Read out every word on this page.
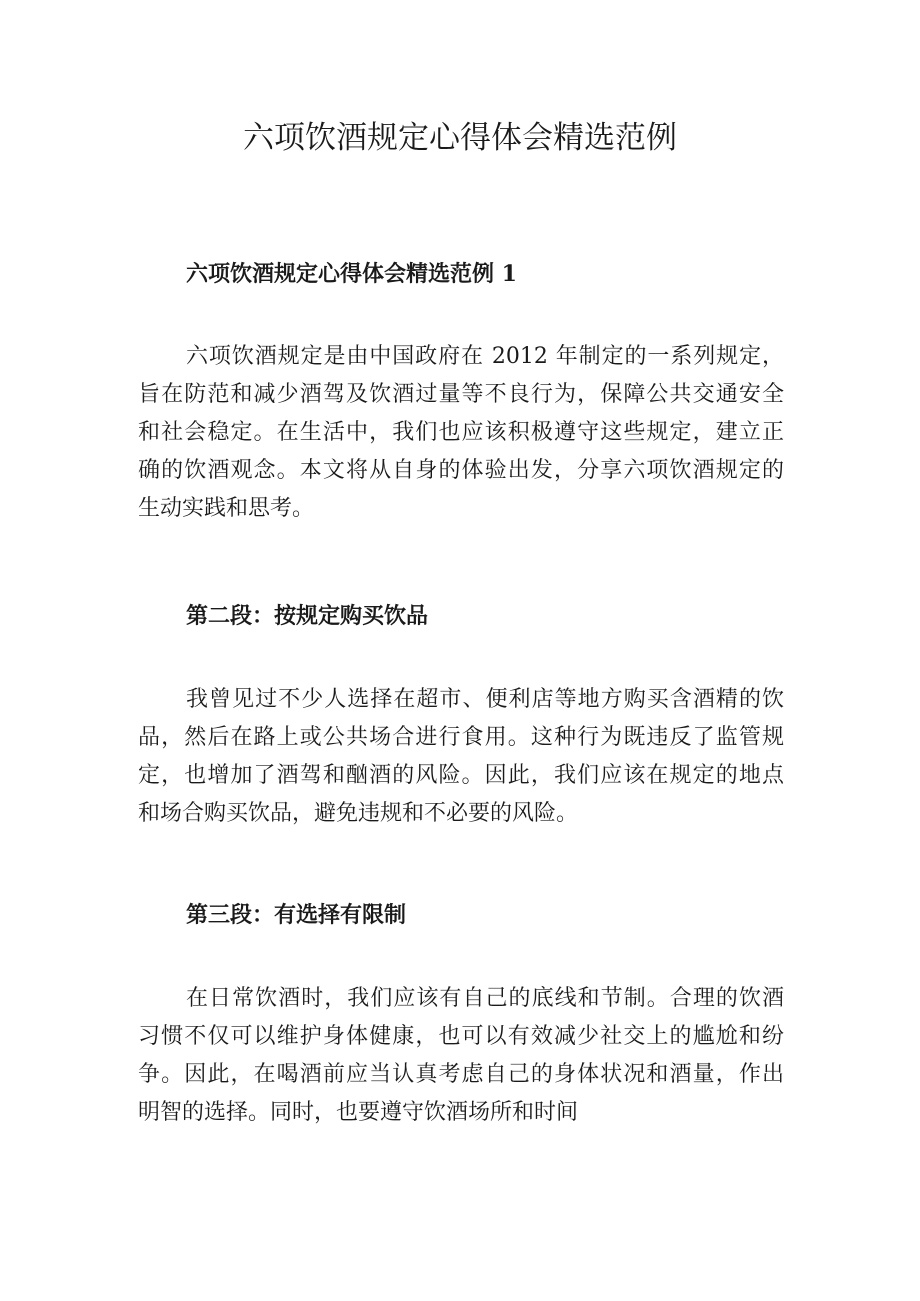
六项饮酒规定心得体会精选范例
六项饮酒规定心得体会精选范例 1
六项饮酒规定是由中国政府在 2012 年制定的一系列规定，
旨在防范和减少酒驾及饮酒过量等不良行为，保障公共交通安全
和社会稳定。在生活中，我们也应该积极遵守这些规定，建立正
确的饮酒观念。本文将从自身的体验出发，分享六项饮酒规定的
生动实践和思考。
第二段：按规定购买饮品
我曾见过不少人选择在超市、便利店等地方购买含酒精的饮
品，然后在路上或公共场合进行食用。这种行为既违反了监管规
定，也增加了酒驾和酗酒的风险。因此，我们应该在规定的地点
和场合购买饮品，避免违规和不必要的风险。
第三段：有选择有限制
在日常饮酒时，我们应该有自己的底线和节制。合理的饮酒
习惯不仅可以维护身体健康，也可以有效减少社交上的尴尬和纷
争。因此，在喝酒前应当认真考虑自己的身体状况和酒量，作出
明智的选择。同时，也要遵守饮酒场所和时间
